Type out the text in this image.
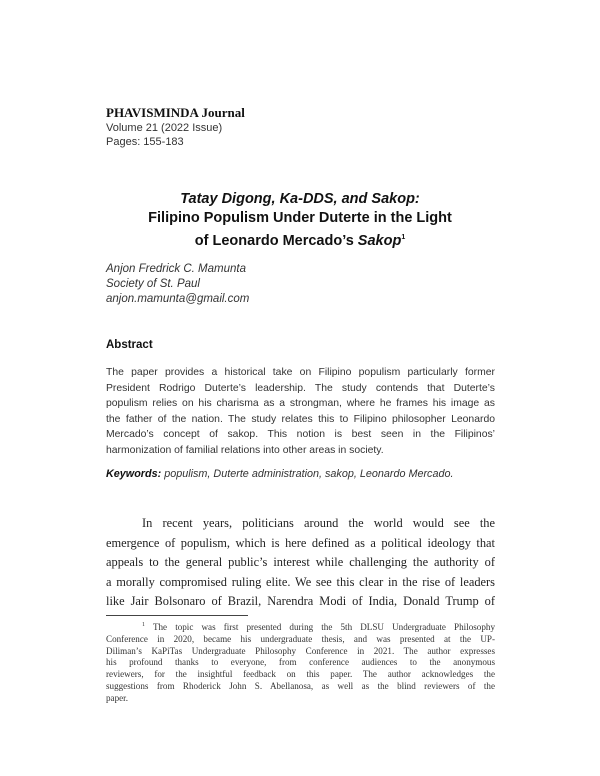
PHAVISMINDA Journal
Volume 21 (2022 Issue)
Pages: 155-183
Tatay Digong, Ka-DDS, and Sakop:
Filipino Populism Under Duterte in the Light
of Leonardo Mercado’s Sakop$^1$
Anjon Fredrick C. Mamunta
Society of St. Paul
anjon.mamunta@gmail.com
Abstract
The paper provides a historical take on Filipino populism particularly former
President Rodrigo Duterte’s leadership. The study contends that Duterte’s
populism relies on his charisma as a strongman, where he frames his image as
the father of the nation. The study relates this to Filipino philosopher Leonardo
Mercado’s concept of sakop. This notion is best seen in the Filipinos’
harmonization of familial relations into other areas in society.
Keywords: populism, Duterte administration, sakop, Leonardo Mercado.
In recent years, politicians around the world would see the
emergence of populism, which is here defined as a political ideology that
appeals to the general public’s interest while challenging the authority of
a morally compromised ruling elite. We see this clear in the rise of leaders
like Jair Bolsonaro of Brazil, Narendra Modi of India, Donald Trump of
$^1$ The topic was first presented during the 5th DLSU Undergraduate Philosophy
Conference in 2020, became his undergraduate thesis, and was presented at the UP-
Diliman’s KaPiTas Undergraduate Philosophy Conference in 2021. The author expresses
his profound thanks to everyone, from conference audiences to the anonymous
reviewers, for the insightful feedback on this paper. The author acknowledges the
suggestions from Rhoderick John S. Abellanosa, as well as the blind reviewers of the
paper.
